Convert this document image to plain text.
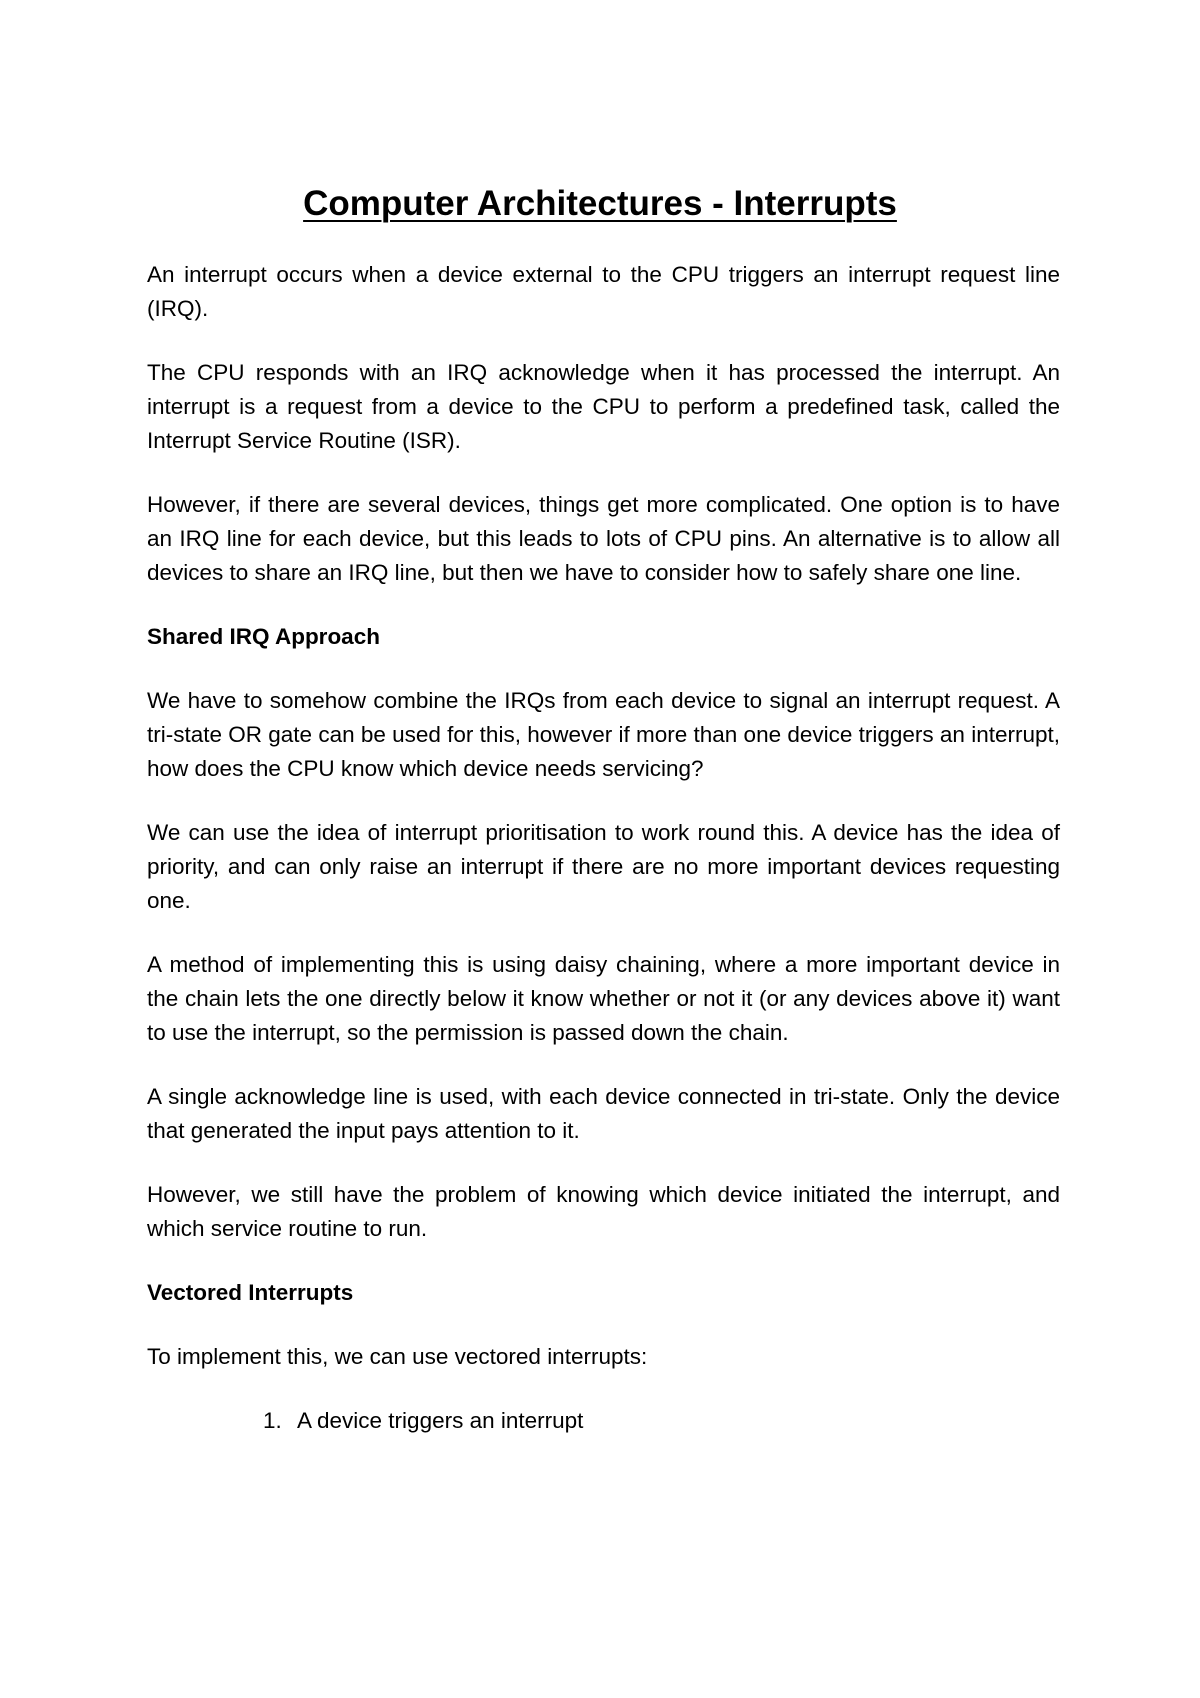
Computer Architectures - Interrupts

An interrupt occurs when a device external to the CPU triggers an interrupt request line (IRQ).

The CPU responds with an IRQ acknowledge when it has processed the interrupt. An interrupt is a request from a device to the CPU to perform a predefined task, called the Interrupt Service Routine (ISR).

However, if there are several devices, things get more complicated. One option is to have an IRQ line for each device, but this leads to lots of CPU pins. An alternative is to allow all devices to share an IRQ line, but then we have to consider how to safely share one line.

Shared IRQ Approach

We have to somehow combine the IRQs from each device to signal an interrupt request. A tri-state OR gate can be used for this, however if more than one device triggers an interrupt, how does the CPU know which device needs servicing?

We can use the idea of interrupt prioritisation to work round this. A device has the idea of priority, and can only raise an interrupt if there are no more important devices requesting one.

A method of implementing this is using daisy chaining, where a more important device in the chain lets the one directly below it know whether or not it (or any devices above it) want to use the interrupt, so the permission is passed down the chain.

A single acknowledge line is used, with each device connected in tri-state. Only the device that generated the input pays attention to it.

However, we still have the problem of knowing which device initiated the interrupt, and which service routine to run.

Vectored Interrupts

To implement this, we can use vectored interrupts:

1. A device triggers an interrupt
